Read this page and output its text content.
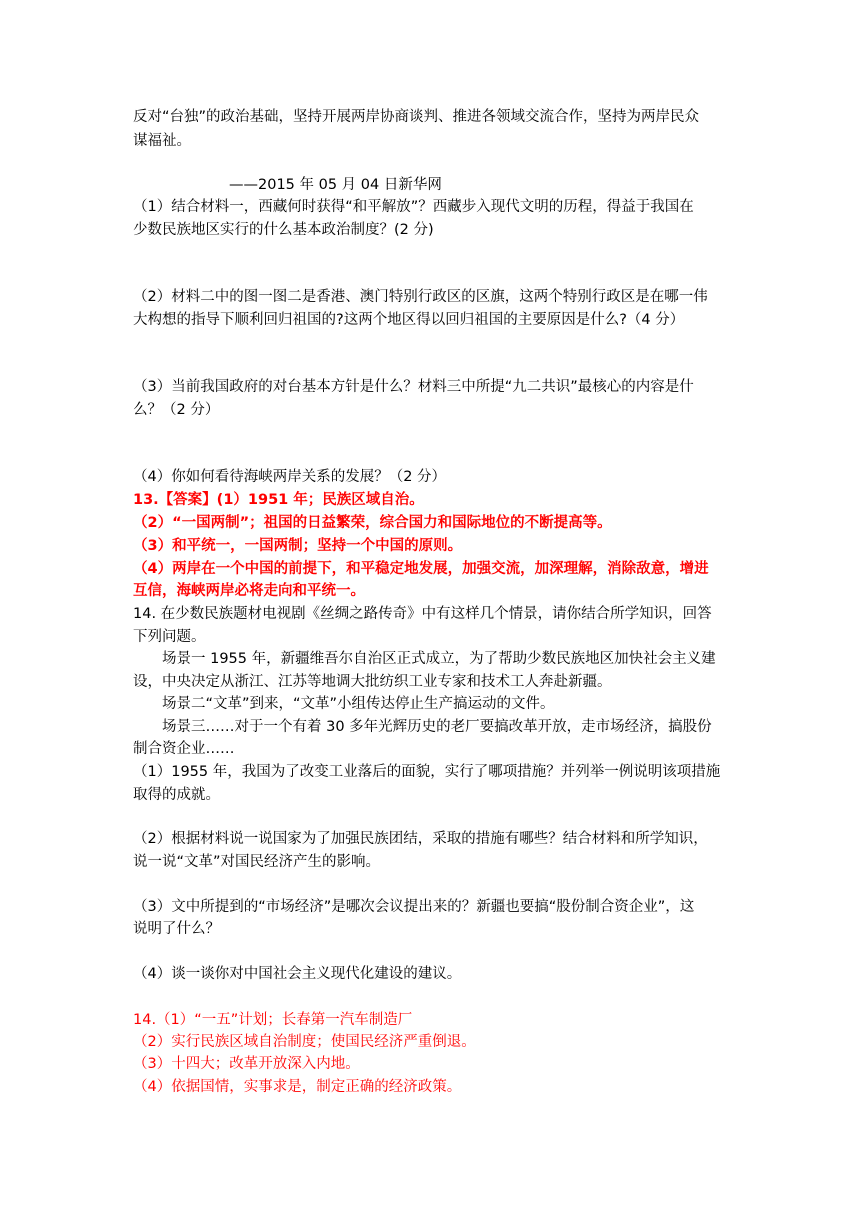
反对“台独”的政治基础，坚持开展两岸协商谈判、推进各领域交流合作，坚持为两岸民众
谋福祉。
——2015 年 05 月 04 日新华网
（1）结合材料一，西藏何时获得“和平解放”？西藏步入现代文明的历程，得益于我国在
少数民族地区实行的什么基本政治制度？(2 分)
（2）材料二中的图一图二是香港、澳门特别行政区的区旗，这两个特别行政区是在哪一伟
大构想的指导下顺利回归祖国的?这两个地区得以回归祖国的主要原因是什么?（4 分）
（3）当前我国政府的对台基本方针是什么？材料三中所提“九二共识”最核心的内容是什
么？（2 分）
（4）你如何看待海峡两岸关系的发展？（2 分）
13.【答案】(1）1951 年；民族区域自治。
（2）“一国两制”；祖国的日益繁荣，综合国力和国际地位的不断提高等。
（3）和平统一，一国两制；坚持一个中国的原则。
（4）两岸在一个中国的前提下，和平稳定地发展，加强交流，加深理解，消除敌意，增进
互信，海峡两岸必将走向和平统一。
14. 在少数民族题材电视剧《丝绸之路传奇》中有这样几个情景，请你结合所学知识，回答
下列问题。
场景一 1955 年，新疆维吾尔自治区正式成立，为了帮助少数民族地区加快社会主义建
设，中央决定从浙江、江苏等地调大批纺织工业专家和技术工人奔赴新疆。
场景二“文革”到来，“文革”小组传达停止生产搞运动的文件。
场景三……对于一个有着 30 多年光辉历史的老厂要搞改革开放，走市场经济，搞股份
制合资企业……
（1）1955 年，我国为了改变工业落后的面貌，实行了哪项措施？并列举一例说明该项措施
取得的成就。
（2）根据材料说一说国家为了加强民族团结，采取的措施有哪些？结合材料和所学知识，
说一说“文革”对国民经济产生的影响。
（3）文中所提到的“市场经济”是哪次会议提出来的？新疆也要搞“股份制合资企业”，这
说明了什么？
（4）谈一谈你对中国社会主义现代化建设的建议。
14.（1）“一五”计划；长春第一汽车制造厂
（2）实行民族区域自治制度；使国民经济严重倒退。
（3）十四大；改革开放深入内地。
（4）依据国情，实事求是，制定正确的经济政策。
